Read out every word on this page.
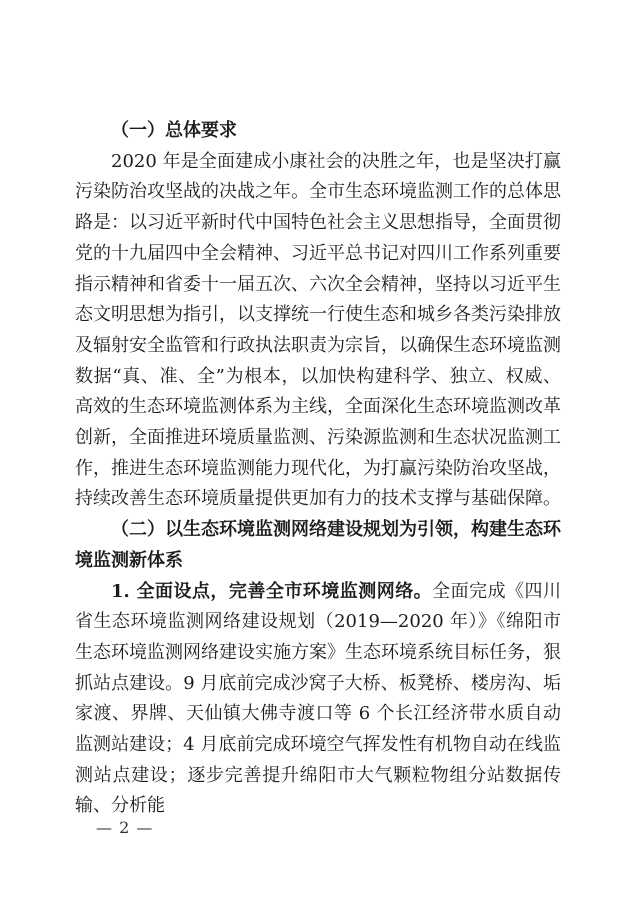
（一）总体要求

2020 年是全面建成小康社会的决胜之年，也是坚决打赢污染防治攻坚战的决战之年。全市生态环境监测工作的总体思路是：以习近平新时代中国特色社会主义思想指导，全面贯彻党的十九届四中全会精神、习近平总书记对四川工作系列重要指示精神和省委十一届五次、六次全会精神，坚持以习近平生态文明思想为指引，以支撑统一行使生态和城乡各类污染排放及辐射安全监管和行政执法职责为宗旨，以确保生态环境监测数据“真、准、全”为根本，以加快构建科学、独立、权威、高效的生态环境监测体系为主线，全面深化生态环境监测改革创新，全面推进环境质量监测、污染源监测和生态状况监测工作，推进生态环境监测能力现代化，为打赢污染防治攻坚战，持续改善生态环境质量提供更加有力的技术支撑与基础保障。

（二）以生态环境监测网络建设规划为引领，构建生态环境监测新体系

1. 全面设点，完善全市环境监测网络。全面完成《四川省生态环境监测网络建设规划（2019—2020 年）》《绵阳市生态环境监测网络建设实施方案》生态环境系统目标任务，狠抓站点建设。9 月底前完成沙窝子大桥、板凳桥、楼房沟、垢家渡、界牌、天仙镇大佛寺渡口等 6 个长江经济带水质自动监测站建设；4 月底前完成环境空气挥发性有机物自动在线监测站点建设；逐步完善提升绵阳市大气颗粒物组分站数据传输、分析能

— 2 —
